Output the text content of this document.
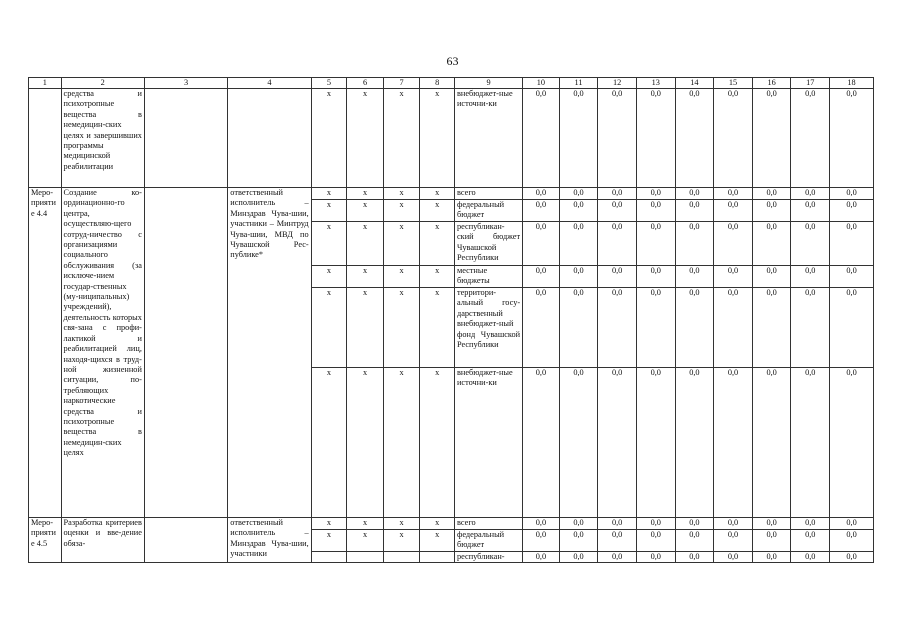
63
1	2	3	4	5	6	7	8	9	10	11	12	13	14	15	16	17	18
	средства и психотропные вещества в немедицин-ских целях и завершивших программы медицинской реабилитации			x	x	x	x	внебюджет-ные источни-ки	0,0	0,0	0,0	0,0	0,0	0,0	0,0	0,0	0,0
Меро-приятие 4.4	Создание ко-ординационно-го центра, осуществляю-щего сотруд-ничество с организациями социального обслуживания (за исключе-нием государ-ственных (му-ниципальных) учреждений), деятельность которых свя-зана с профи-лактикой и реабилитацией лиц, находя-щихся в труд-ной жизненной ситуации, по-требляющих наркотические средства и психотропные вещества в немедицин-ских целях		ответственный исполнитель – Минздрав Чува-шии, участники – Минтруд Чува-шии, МВД по Чувашской Рес-публике*	x	x	x	x	всего	0,0	0,0	0,0	0,0	0,0	0,0	0,0	0,0	0,0
				x	x	x	x	федеральный бюджет	0,0	0,0	0,0	0,0	0,0	0,0	0,0	0,0	0,0
				x	x	x	x	республикан-ский бюджет Чувашской Республики	0,0	0,0	0,0	0,0	0,0	0,0	0,0	0,0	0,0
				x	x	x	x	местные бюджеты	0,0	0,0	0,0	0,0	0,0	0,0	0,0	0,0	0,0
				x	x	x	x	территори-альный госу-дарственный внебюджет-ный фонд Чувашской Республики	0,0	0,0	0,0	0,0	0,0	0,0	0,0	0,0	0,0
				x	x	x	x	внебюджет-ные источни-ки	0,0	0,0	0,0	0,0	0,0	0,0	0,0	0,0	0,0
Меро-приятие 4.5	Разработка критериев оценки и вве-дение обяза-		ответственный исполнитель – Минздрав Чува-шии, участники	x	x	x	x	всего	0,0	0,0	0,0	0,0	0,0	0,0	0,0	0,0	0,0
				x	x	x	x	федеральный бюджет	0,0	0,0	0,0	0,0	0,0	0,0	0,0	0,0	0,0
								республикан-	0,0	0,0	0,0	0,0	0,0	0,0	0,0	0,0	0,0
